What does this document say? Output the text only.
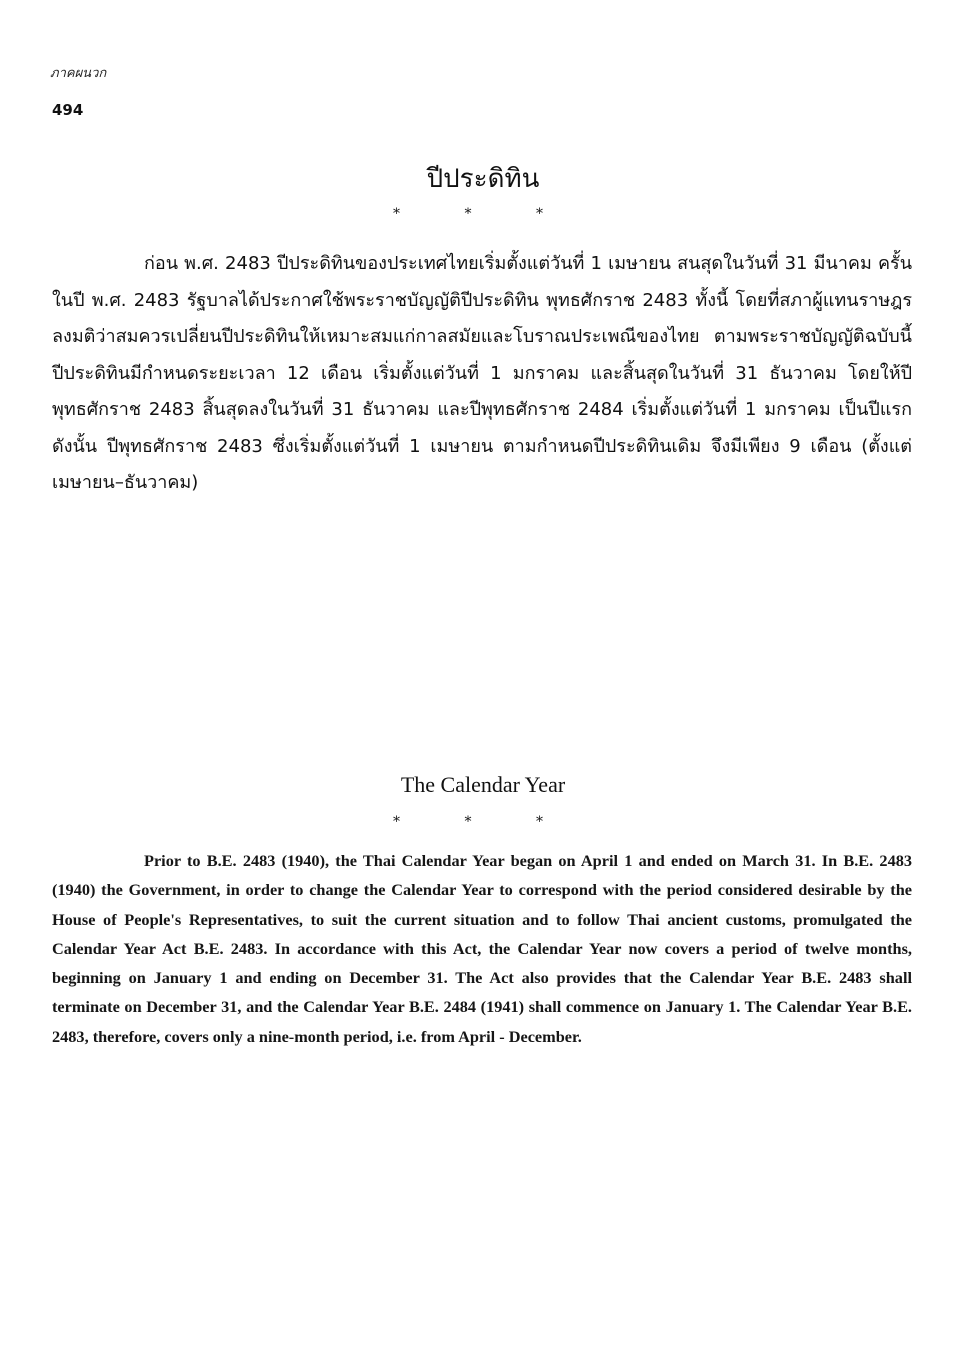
ภาคผนวก
494
ปีประดิทิน
* * *

ก่อน พ.ศ. 2483 ปีประดิทินของประเทศไทยเริ่มตั้งแต่วันที่ 1 เมษายน สนสุดในวันที่ 31 มีนาคม ครั้นในปี พ.ศ. 2483 รัฐบาลได้ประกาศใช้พระราชบัญญัติปีประดิทิน พุทธศักราช 2483 ทั้งนี้ โดยที่สภาผู้แทนราษฎรลงมติว่าสมควรเปลี่ยนปีประดิทินให้เหมาะสมแก่กาลสมัยและโบราณประเพณีของไทย ตามพระราชบัญญัติฉบับนี้ปีประดิทินมีกำหนดระยะเวลา 12 เดือน เริ่มตั้งแต่วันที่ 1 มกราคม และสิ้นสุดในวันที่ 31 ธันวาคม โดยให้ปีพุทธศักราช 2483 สิ้นสุดลงในวันที่ 31 ธันวาคม และปีพุทธศักราช 2484 เริ่มตั้งแต่วันที่ 1 มกราคม เป็นปีแรก ดังนั้น ปีพุทธศักราช 2483 ซึ่งเริ่มตั้งแต่วันที่ 1 เมษายน ตามกำหนดปีประดิทินเดิม จึงมีเพียง 9 เดือน (ตั้งแต่ เมษายน–ธันวาคม)

The Calendar Year
* * *

Prior to B.E. 2483 (1940), the Thai Calendar Year began on April 1 and ended on March 31. In B.E. 2483 (1940) the Government, in order to change the Calendar Year to correspond with the period considered desirable by the House of People's Representatives, to suit the current situation and to follow Thai ancient customs, promulgated the Calendar Year Act B.E. 2483. In accordance with this Act, the Calendar Year now covers a period of twelve months, beginning on January 1 and ending on December 31. The Act also provides that the Calendar Year B.E. 2483 shall terminate on December 31, and the Calendar Year B.E. 2484 (1941) shall commence on January 1. The Calendar Year B.E. 2483, therefore, covers only a nine-month period, i.e. from April - December.
